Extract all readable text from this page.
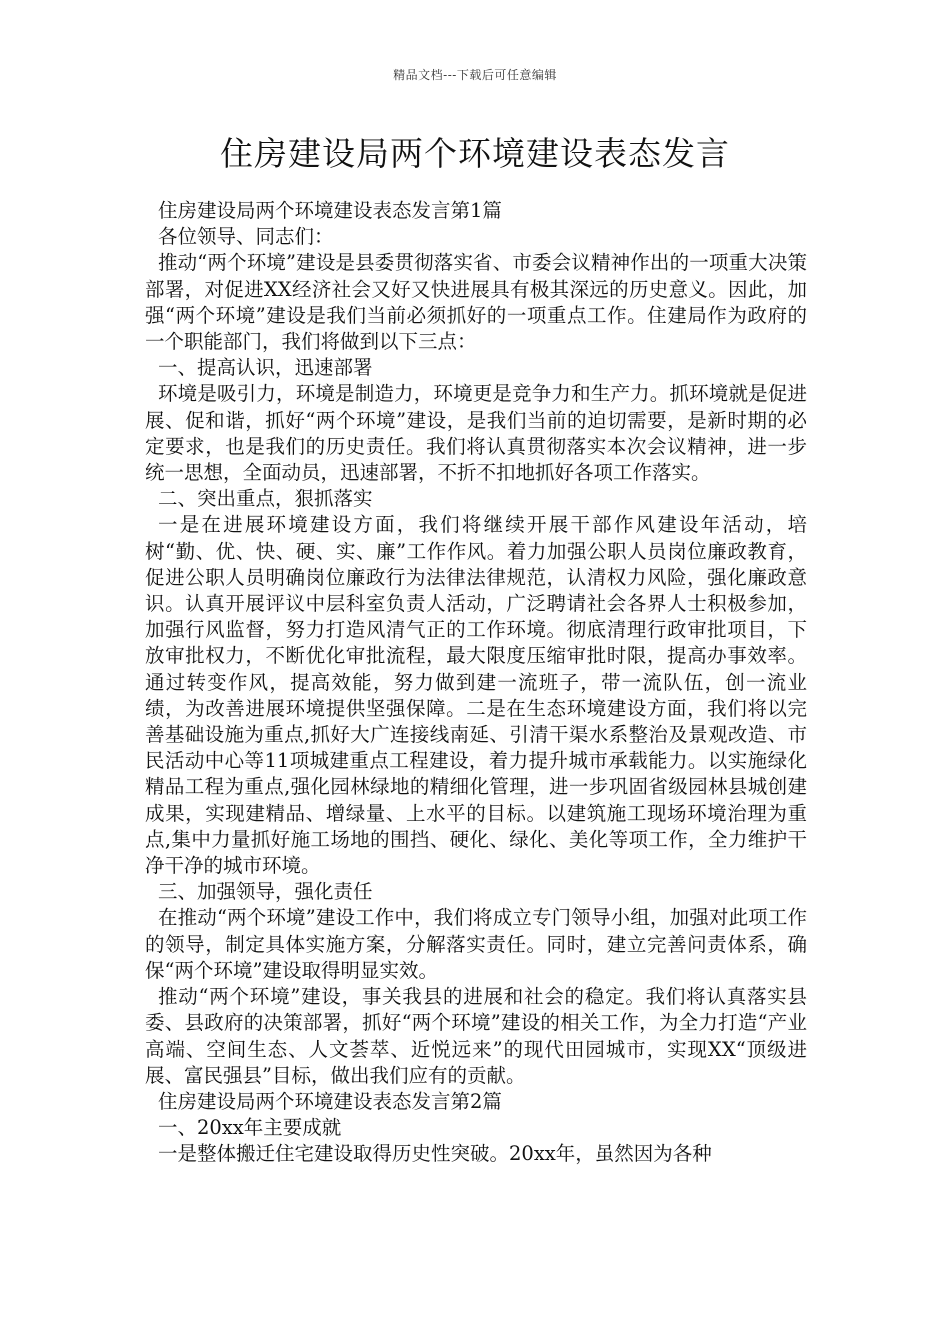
精品文档---下载后可任意编辑
住房建设局两个环境建设表态发言

住房建设局两个环境建设表态发言第1篇

各位领导、同志们：

推动“两个环境”建设是县委贯彻落实省、市委会议精神作出的一项重大决策部署，对促进XX经济社会又好又快进展具有极其深远的历史意义。因此，加强“两个环境”建设是我们当前必须抓好的一项重点工作。住建局作为政府的一个职能部门，我们将做到以下三点：

一、提高认识，迅速部署

环境是吸引力，环境是制造力，环境更是竞争力和生产力。抓环境就是促进展、促和谐，抓好“两个环境”建设，是我们当前的迫切需要，是新时期的必定要求，也是我们的历史责任。我们将认真贯彻落实本次会议精神，进一步统一思想，全面动员，迅速部署，不折不扣地抓好各项工作落实。

二、突出重点，狠抓落实

一是在进展环境建设方面，我们将继续开展干部作风建设年活动，培树“勤、优、快、硬、实、廉”工作作风。着力加强公职人员岗位廉政教育，促进公职人员明确岗位廉政行为法律法律规范，认清权力风险，强化廉政意识。认真开展评议中层科室负责人活动，广泛聘请社会各界人士积极参加，加强行风监督，努力打造风清气正的工作环境。彻底清理行政审批项目，下放审批权力，不断优化审批流程，最大限度压缩审批时限，提高办事效率。通过转变作风，提高效能，努力做到建一流班子，带一流队伍，创一流业绩，为改善进展环境提供坚强保障。二是在生态环境建设方面，我们将以完善基础设施为重点,抓好大广连接线南延、引清干渠水系整治及景观改造、市民活动中心等11项城建重点工程建设，着力提升城市承载能力。以实施绿化精品工程为重点,强化园林绿地的精细化管理，进一步巩固省级园林县城创建成果，实现建精品、增绿量、上水平的目标。以建筑施工现场环境治理为重点,集中力量抓好施工场地的围挡、硬化、绿化、美化等项工作，全力维护干净干净的城市环境。

三、加强领导，强化责任

在推动“两个环境”建设工作中，我们将成立专门领导小组，加强对此项工作的领导，制定具体实施方案，分解落实责任。同时，建立完善问责体系，确保“两个环境”建设取得明显实效。

推动“两个环境”建设，事关我县的进展和社会的稳定。我们将认真落实县委、县政府的决策部署，抓好“两个环境”建设的相关工作，为全力打造“产业高端、空间生态、人文荟萃、近悦远来”的现代田园城市，实现XX“顶级进展、富民强县”目标，做出我们应有的贡献。

住房建设局两个环境建设表态发言第2篇

一、20xx年主要成就

一是整体搬迁住宅建设取得历史性突破。20xx年，虽然因为各种
